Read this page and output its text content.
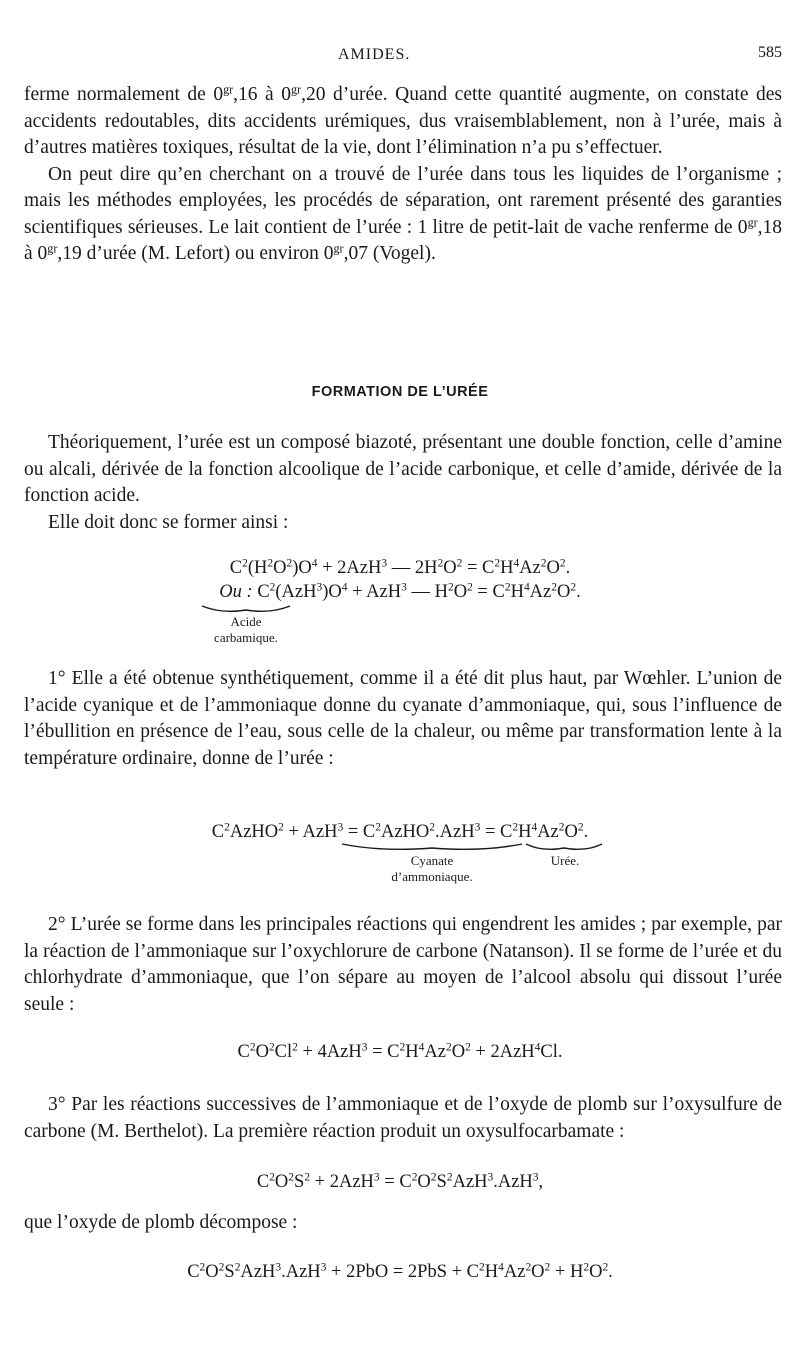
AMIDES.	585

ferme normalement de $0^{gr},16$ à $0^{gr},20$ d’urée. Quand cette quantité augmente, on constate des accidents redoutables, dits accidents urémiques, dus vraisemblablement, non à l’urée, mais à d’autres matières toxiques, résultat de la vie, dont l’élimination n’a pu s’effectuer.

On peut dire qu’en cherchant on a trouvé de l’urée dans tous les liquides de l’organisme ; mais les méthodes employées, les procédés de séparation, ont rarement présenté des garanties scientifiques sérieuses. Le lait contient de l’urée : 1 litre de petit-lait de vache renferme de $0^{gr},18$ à $0^{gr},19$ d’urée (M. Lefort) ou environ $0^{gr},07$ (Vogel).

FORMATION DE L’URÉE

Théoriquement, l’urée est un composé biazoté, présentant une double fonction, celle d’amine ou alcali, dérivée de la fonction alcoolique de l’acide carbonique, et celle d’amide, dérivée de la fonction acide.

Elle doit donc se former ainsi :

$C^2(H^2O^2)O^4 + 2AzH^3$ — $2H^2O^2 = C^2H^4Az^2O^2$.
Ou : $C^2(AzH^3)O^4 + AzH^3$ — $H^2O^2 = C^2H^4Az^2O^2$.
Acide
carbamique.

1° Elle a été obtenue synthétiquement, comme il a été dit plus haut, par Wœhler. L’union de l’acide cyanique et de l’ammoniaque donne du cyanate d’ammoniaque, qui, sous l’influence de l’ébullition en présence de l’eau, sous celle de la chaleur, ou même par transformation lente à la température ordinaire, donne de l’urée :

$C^2AzHO^2 + AzH^3$ = $C^2AzHO^2.AzH^3 = C^2H^4Az^2O^2$.
Cyanate
d’ammoniaque.
Urée.

2° L’urée se forme dans les principales réactions qui engendrent les amides ; par exemple, par la réaction de l’ammoniaque sur l’oxychlorure de carbone (Natanson). Il se forme de l’urée et du chlorhydrate d’ammoniaque, que l’on sépare au moyen de l’alcool absolu qui dissout l’urée seule :

$C^2O^2Cl^2 + 4AzH^3 = C^2H^4Az^2O^2 + 2AzH^4Cl$.

3° Par les réactions successives de l’ammoniaque et de l’oxyde de plomb sur l’oxysulfure de carbone (M. Berthelot). La première réaction produit un oxysulfocarbamate :

$C^2O^2S^2 + 2AzH^3 = C^2O^2S^2AzH^3.AzH^3$,

que l’oxyde de plomb décompose :

$C^2O^2S^2AzH^3.AzH^3 + 2PbO = 2PbS + C^2H^4Az^2O^2 + H^2O^2$.
